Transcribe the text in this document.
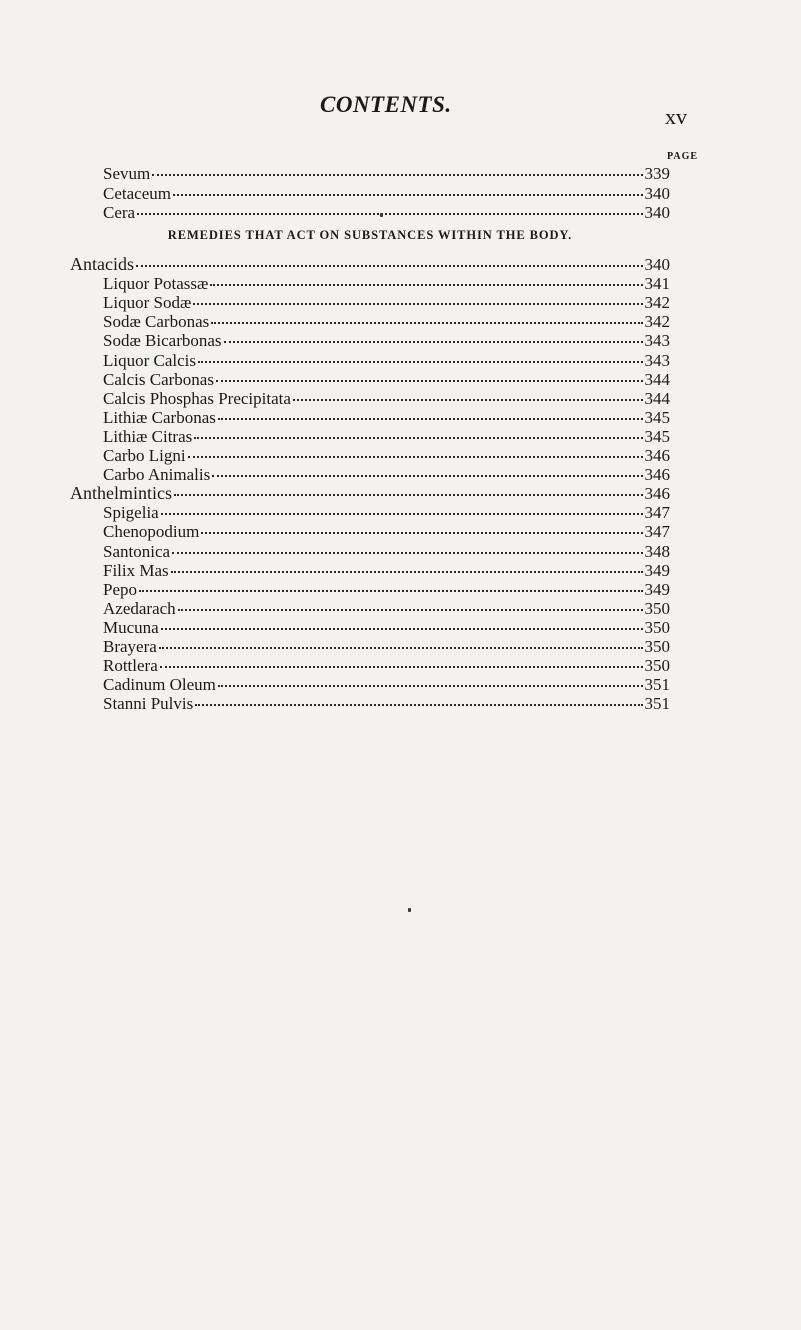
CONTENTS.	xv
PAGE
Sevum	339
Cetaceum	340
Cera	340
REMEDIES THAT ACT ON SUBSTANCES WITHIN THE BODY.
Antacids	340
Liquor Potassæ	341
Liquor Sodæ	342
Sodæ Carbonas	342
Sodæ Bicarbonas	343
Liquor Calcis	343
Calcis Carbonas	344
Calcis Phosphas Precipitata	344
Lithiæ Carbonas	345
Lithiæ Citras	345
Carbo Ligni	346
Carbo Animalis	346
Anthelmintics	346
Spigelia	347
Chenopodium	347
Santonica	348
Filix Mas	349
Pepo	349
Azedarach	350
Mucuna	350
Brayera	350
Rottlera	350
Cadinum Oleum	351
Stanni Pulvis	351
